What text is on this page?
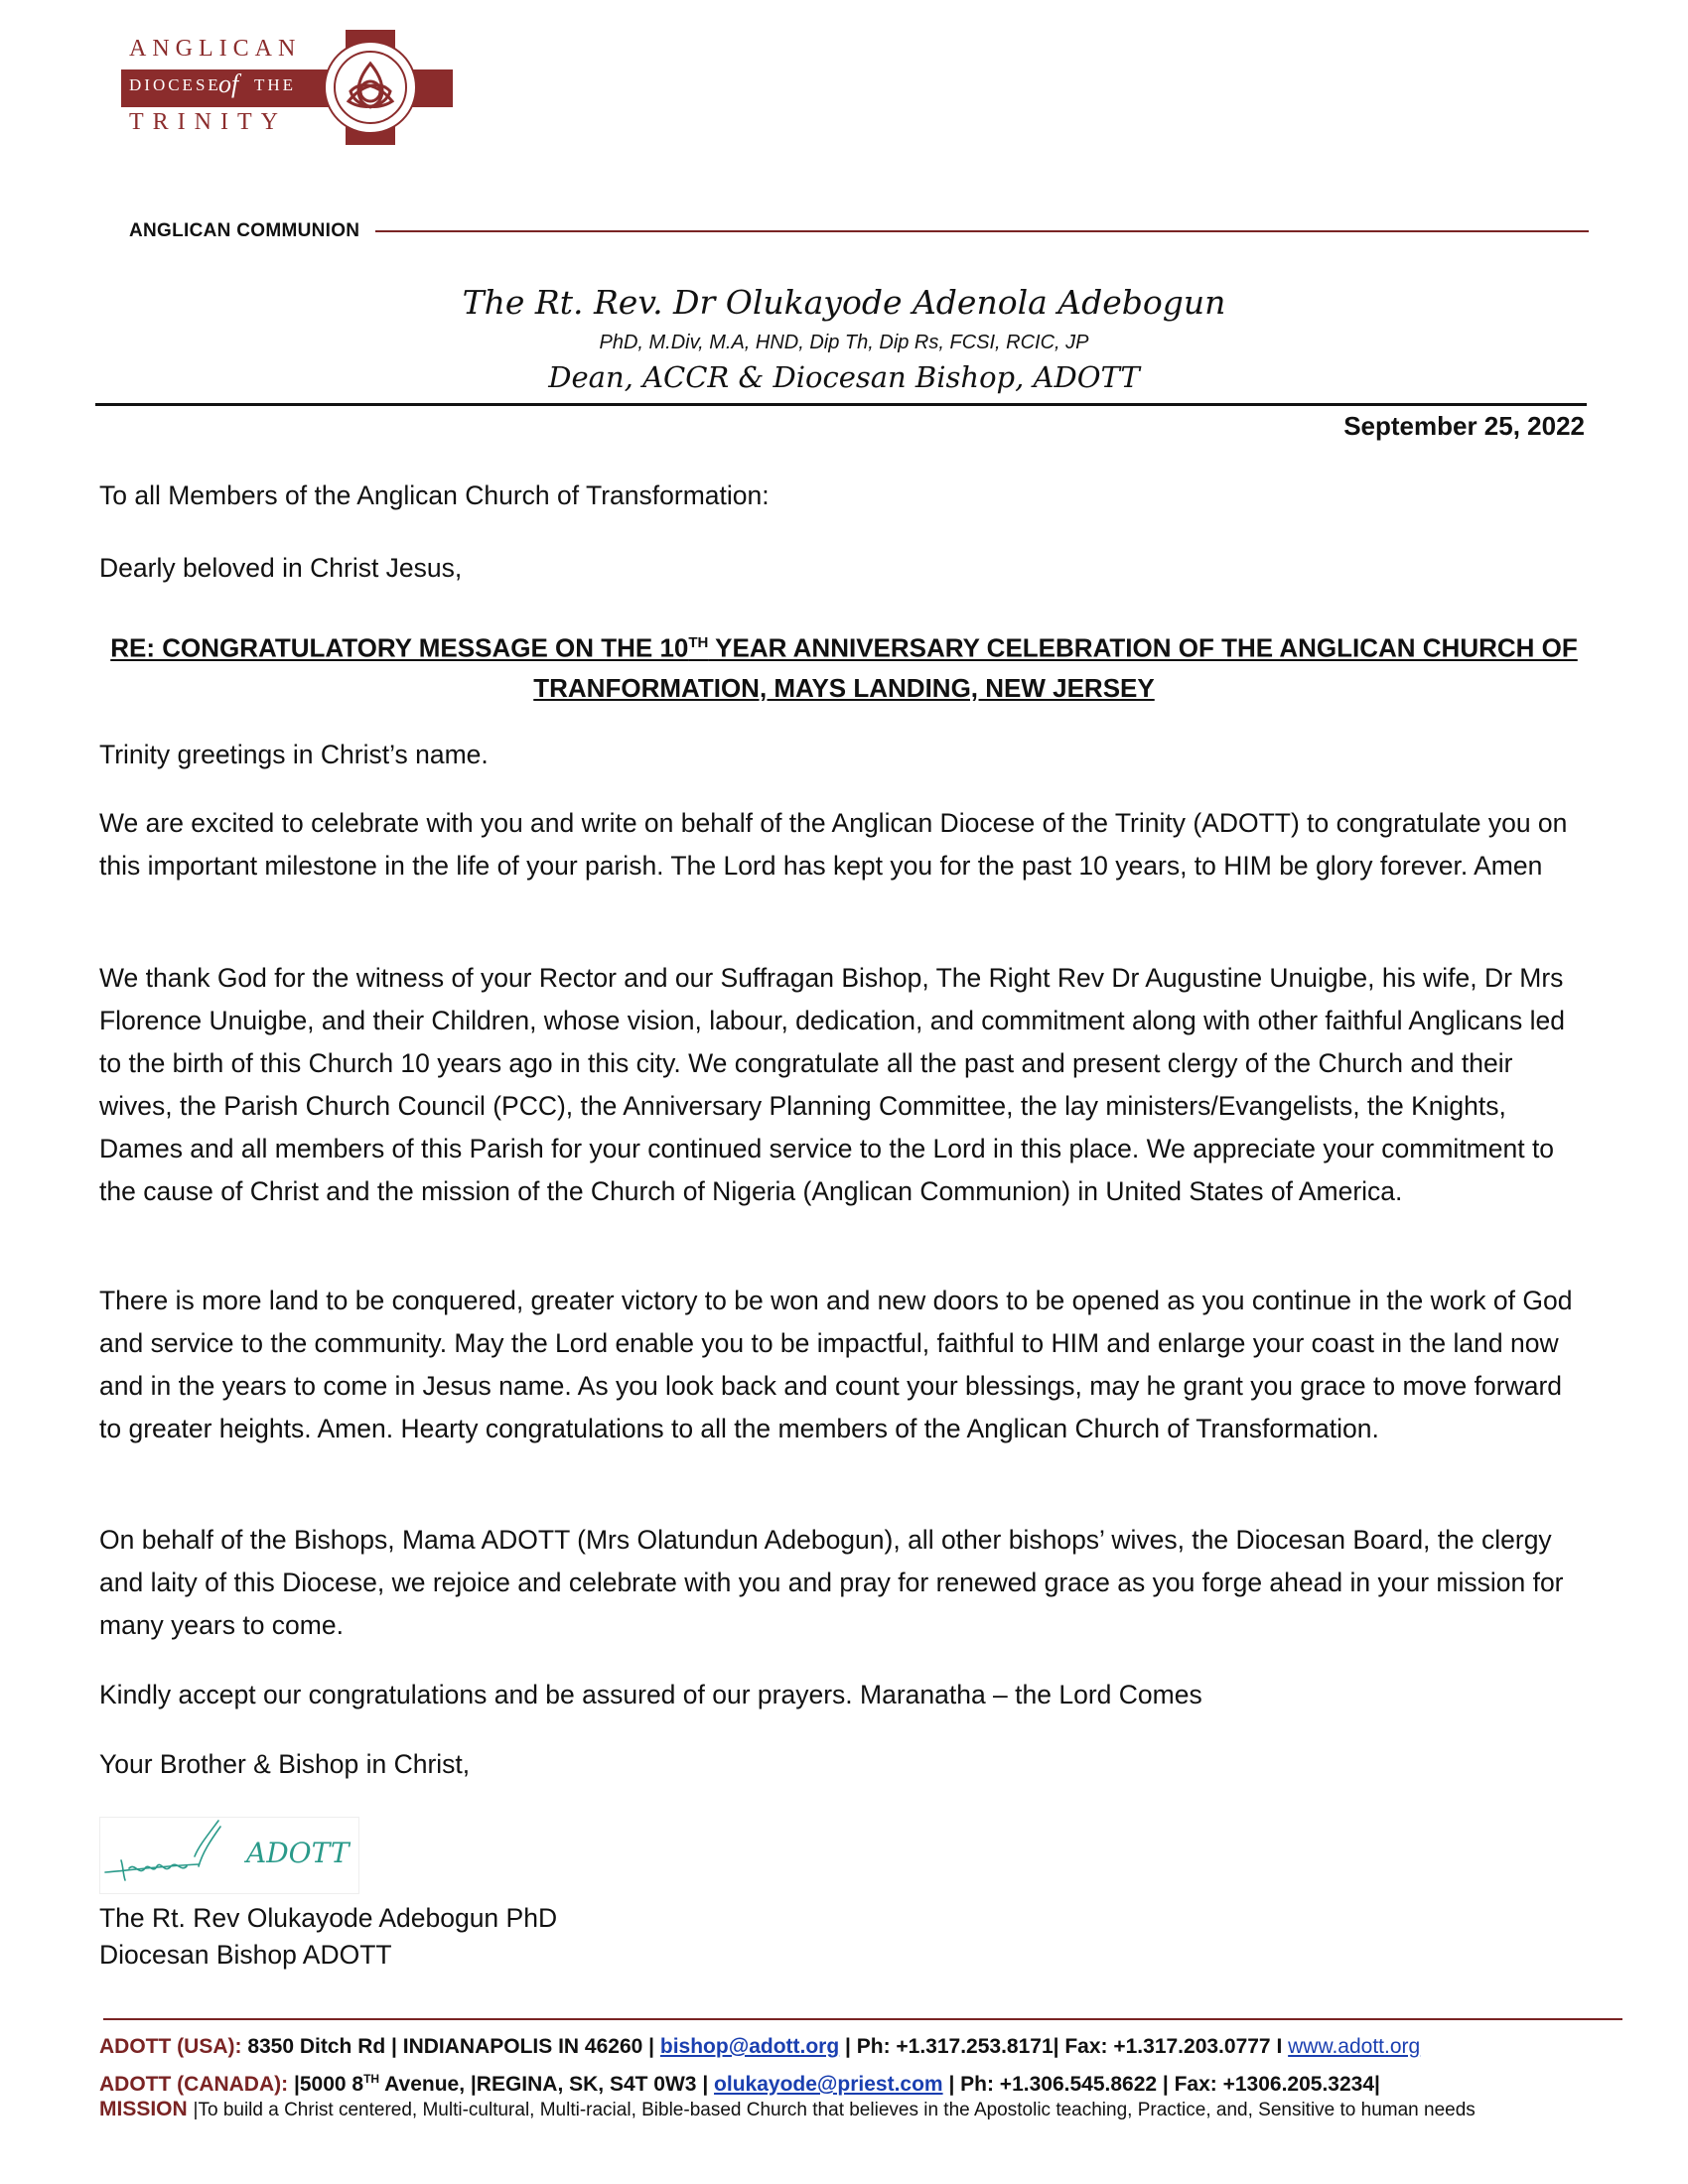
ANGLICAN
DIOCESE
of THE
TRINITY
ANGLICAN COMMUNION
The Rt. Rev. Dr Olukayode Adenola Adebogun
PhD, M.Div, M.A, HND, Dip Th, Dip Rs, FCSI, RCIC, JP
Dean, ACCR & Diocesan Bishop, ADOTT
September 25, 2022
To all Members of the Anglican Church of Transformation:
Dearly beloved in Christ Jesus,
RE: CONGRATULATORY MESSAGE ON THE 10TH YEAR ANNIVERSARY CELEBRATION OF THE ANGLICAN CHURCH OF
TRANFORMATION, MAYS LANDING, NEW JERSEY
Trinity greetings in Christ’s name.
We are excited to celebrate with you and write on behalf of the Anglican Diocese of the Trinity (ADOTT) to congratulate you on this important milestone in the life of your parish. The Lord has kept you for the past 10 years, to HIM be glory forever. Amen
We thank God for the witness of your Rector and our Suffragan Bishop, The Right Rev Dr Augustine Unuigbe, his wife, Dr Mrs Florence Unuigbe, and their Children, whose vision, labour, dedication, and commitment along with other faithful Anglicans led to the birth of this Church 10 years ago in this city. We congratulate all the past and present clergy of the Church and their wives, the Parish Church Council (PCC), the Anniversary Planning Committee, the lay ministers/Evangelists, the Knights, Dames and all members of this Parish for your continued service to the Lord in this place. We appreciate your commitment to the cause of Christ and the mission of the Church of Nigeria (Anglican Communion) in United States of America.
There is more land to be conquered, greater victory to be won and new doors to be opened as you continue in the work of God and service to the community. May the Lord enable you to be impactful, faithful to HIM and enlarge your coast in the land now and in the years to come in Jesus name. As you look back and count your blessings, may he grant you grace to move forward to greater heights. Amen. Hearty congratulations to all the members of the Anglican Church of Transformation.
On behalf of the Bishops, Mama ADOTT (Mrs Olatundun Adebogun), all other bishops’ wives, the Diocesan Board, the clergy and laity of this Diocese, we rejoice and celebrate with you and pray for renewed grace as you forge ahead in your mission for many years to come.
Kindly accept our congratulations and be assured of our prayers. Maranatha – the Lord Comes
Your Brother & Bishop in Christ,
ADOTT
The Rt. Rev Olukayode Adebogun PhD
Diocesan Bishop ADOTT
ADOTT (USA): 8350 Ditch Rd | INDIANAPOLIS IN 46260 | bishop@adott.org | Ph: +1.317.253.8171| Fax: +1.317.203.0777 I www.adott.org
ADOTT (CANADA): |5000 8TH Avenue, |REGINA, SK, S4T 0W3 | olukayode@priest.com | Ph: +1.306.545.8622 | Fax: +1306.205.3234|
MISSION |To build a Christ centered, Multi-cultural, Multi-racial, Bible-based Church that believes in the Apostolic teaching, Practice, and, Sensitive to human needs
